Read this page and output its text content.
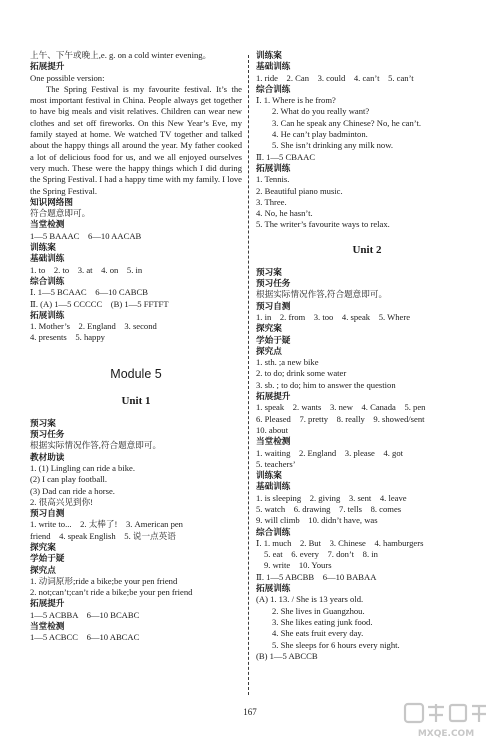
上午、下午或晚上,e. g. on a cold winter evening。
拓展提升
One possible version:
The Spring Festival is my favourite festival. It’s the most important festival in China. People always get together to have big meals and visit relatives. Children can wear new clothes and set off fireworks. On this New Year’s Eve, my family stayed at home. We watched TV together and talked about the happy things all around the year. My father cooked a lot of delicious food for us, and we all enjoyed ourselves very much. These were the happy things which I did during the Spring Festival. I had a happy time with my family. I love the Spring Festival.
知识网络图
符合题意即可。
当堂检测
1—5 BAAAC　6—10 AACAB
训练案
基础训练
1. to　2. to　3. at　4. on　5. in
综合训练
Ⅰ. 1—5 BCAAC　6—10 CABCB
Ⅱ. (A) 1—5 CCCCC　(B) 1—5 FFTFT
拓展训练
1. Mother’s　2. England　3. second
4. presents　5. happy
Module 5
Unit 1
预习案
预习任务
根据实际情况作答,符合题意即可。
教材助读
1. (1) Lingling can ride a bike.
(2) I can play football.
(3) Dad can ride a horse.
2. 很高兴见到你!
预习自测
1. write to...　2. 太棒了!　3. American pen
friend　4. speak English　5. 说一点英语
探究案
学始于疑
探究点
1. 动词原形;ride a bike;be your pen friend
2. not;can’t;can’t ride a bike;be your pen friend
拓展提升
1—5 ACBBA　6—10 BCABC
当堂检测
1—5 ACBCC　6—10 ABCAC
训练案
基础训练
1. ride　2. Can　3. could　4. can’t　5. can’t
综合训练
Ⅰ. 1. Where is he from?
2. What do you really want?
3. Can he speak any Chinese? No, he can’t.
4. He can’t play badminton.
5. She isn’t drinking any milk now.
Ⅱ. 1—5 CBAAC
拓展训练
1. Tennis.
2. Beautiful piano music.
3. Three.
4. No, he hasn’t.
5. The writer’s favourite ways to relax.
Unit 2
预习案
预习任务
根据实际情况作答,符合题意即可。
预习自测
1. in　2. from　3. too　4. speak　5. Where
探究案
学始于疑
探究点
1. sth. ;a new bike
2. to do; drink some water
3. sb. ; to do; him to answer the question
拓展提升
1. speak　2. wants　3. new　4. Canada　5. pen
6. Pleased　7. pretty　8. really　9. showed/sent
10. about
当堂检测
1. waiting　2. England　3. please　4. got
5. teachers’
训练案
基础训练
1. is sleeping　2. giving　3. sent　4. leave
5. watch　6. drawing　7. tells　8. comes
9. will climb　10. didn’t have, was
综合训练
Ⅰ. 1. much　2. But　3. Chinese　4. hamburgers
5. eat　6. every　7. don’t　8. in
9. write　10. Yours
Ⅱ. 1—5 ABCBB　6—10 BABAA
拓展训练
(A) 1. 13. / She is 13 years old.
2. She lives in Guangzhou.
3. She likes eating junk food.
4. She eats fruit every day.
5. She sleeps for 6 hours every night.
(B) 1—5 ABCCB
167
MXQE.COM
